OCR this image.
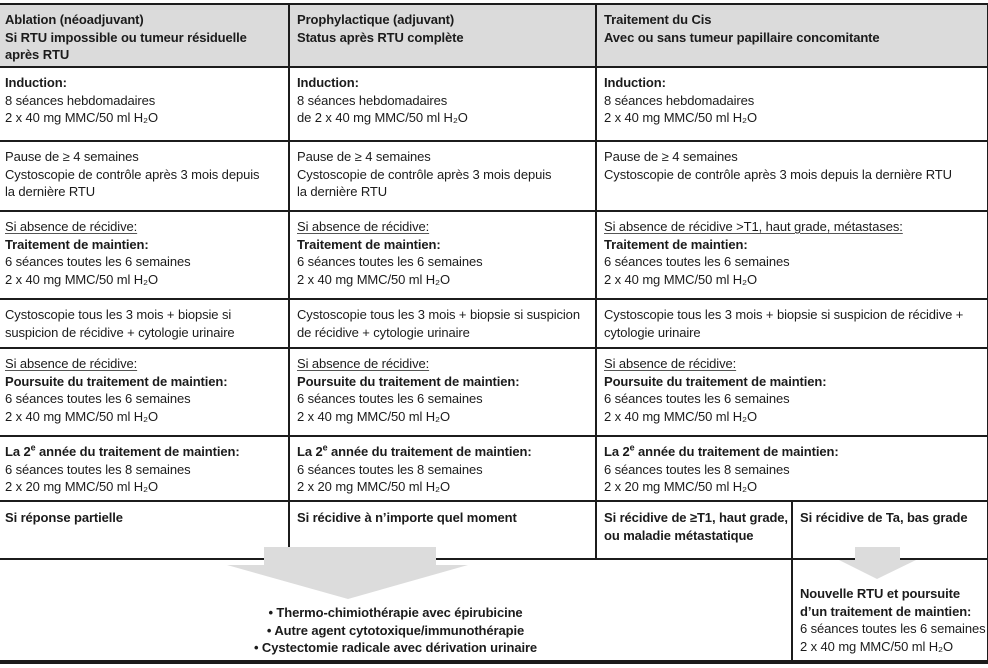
Ablation (néoadjuvant)
Si RTU impossible ou tumeur résiduelle
après RTU
Prophylactique (adjuvant)
Status après RTU complète
Traitement du Cis
Avec ou sans tumeur papillaire concomitante
Induction:
8 séances hebdomadaires
2 x 40 mg MMC/50 ml H₂O
Induction:
8 séances hebdomadaires
de 2 x 40 mg MMC/50 ml H₂O
Induction:
8 séances hebdomadaires
2 x 40 mg MMC/50 ml H₂O
Pause de ≥ 4 semaines
Cystoscopie de contrôle après 3 mois depuis
la dernière RTU
Pause de ≥ 4 semaines
Cystoscopie de contrôle après 3 mois depuis
la dernière RTU
Pause de ≥ 4 semaines
Cystoscopie de contrôle après 3 mois depuis la dernière RTU
Si absence de récidive:
Traitement de maintien:
6 séances toutes les 6 semaines
2 x 40 mg MMC/50 ml H₂O
Si absence de récidive:
Traitement de maintien:
6 séances toutes les 6 semaines
2 x 40 mg MMC/50 ml H₂O
Si absence de récidive >T1, haut grade, métastases:
Traitement de maintien:
6 séances toutes les 6 semaines
2 x 40 mg MMC/50 ml H₂O
Cystoscopie tous les 3 mois + biopsie si
suspicion de récidive + cytologie urinaire
Cystoscopie tous les 3 mois + biopsie si suspicion
de récidive + cytologie urinaire
Cystoscopie tous les 3 mois + biopsie si suspicion de récidive +
cytologie urinaire
Si absence de récidive:
Poursuite du traitement de maintien:
6 séances toutes les 6 semaines
2 x 40 mg MMC/50 ml H₂O
Si absence de récidive:
Poursuite du traitement de maintien:
6 séances toutes les 6 semaines
2 x 40 mg MMC/50 ml H₂O
Si absence de récidive:
Poursuite du traitement de maintien:
6 séances toutes les 6 semaines
2 x 40 mg MMC/50 ml H₂O
La 2e année du traitement de maintien:
6 séances toutes les 8 semaines
2 x 20 mg MMC/50 ml H₂O
La 2e année du traitement de maintien:
6 séances toutes les 8 semaines
2 x 20 mg MMC/50 ml H₂O
La 2e année du traitement de maintien:
6 séances toutes les 8 semaines
2 x 20 mg MMC/50 ml H₂O
Si réponse partielle	Si récidive à n’importe quel moment	Si récidive de ≥T1, haut grade,
ou maladie métastatique
Si récidive de Ta, bas grade
• Thermo-chimiothérapie avec épirubicine
• Autre agent cytotoxique/immunothérapie
• Cystectomie radicale avec dérivation urinaire
Nouvelle RTU et poursuite
d’un traitement de maintien:
6 séances toutes les 6 semaines
2 x 40 mg MMC/50 ml H₂O
